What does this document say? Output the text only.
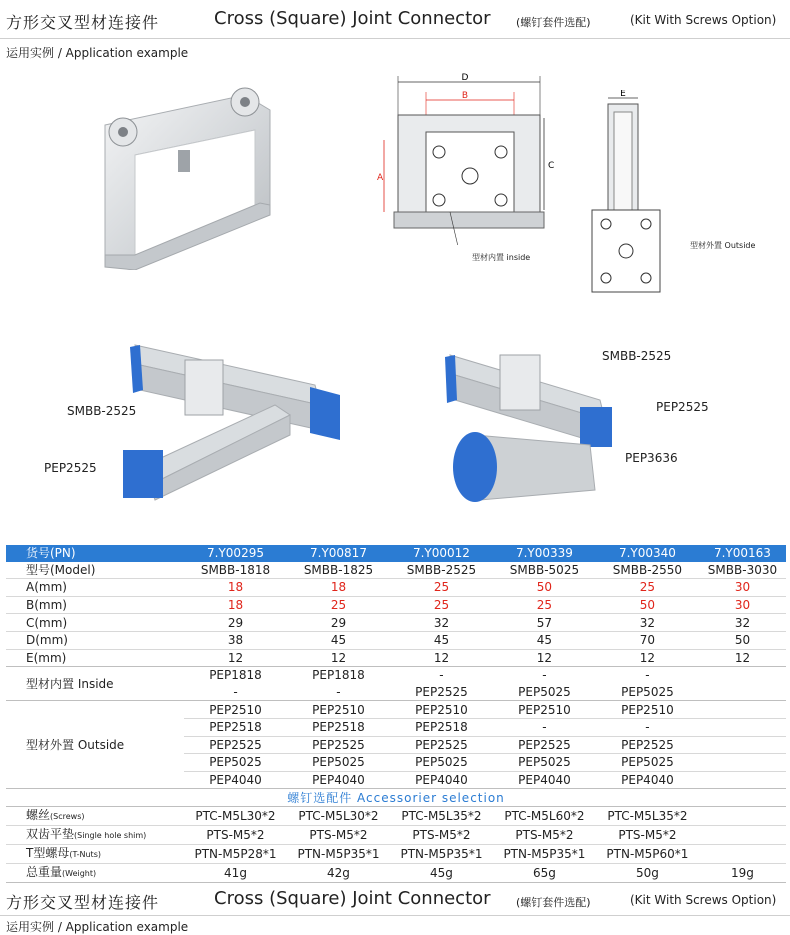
方形交叉型材连接件	Cross (Square) Joint Connector (螺钉套件选配)	(Kit With Screws Option)
运用实例 / Application example
D
B
A
C
型材内置 inside
E
型材外置 Outside
SMBB-2525
PEP2525
SMBB-2525
PEP2525
PEP3636
货号(PN)	7.Y00295	7.Y00817	7.Y00012	7.Y00339	7.Y00340	7.Y00163
型号(Model)	SMBB-1818	SMBB-1825	SMBB-2525	SMBB-5025	SMBB-2550	SMBB-3030
A(mm)	18	18	25	50	25	30
B(mm)	18	25	25	25	50	30
C(mm)	29	29	32	57	32	32
D(mm)	38	45	45	45	70	50
E(mm)	12	12	12	12	12	12
型材内置 Inside	PEP1818	PEP1818	-	-	-	
	-	-	PEP2525	PEP5025	PEP5025	
型材外置 Outside	PEP2510	PEP2510	PEP2510	PEP2510	PEP2510	
	PEP2518	PEP2518	PEP2518	-	-	
	PEP2525	PEP2525	PEP2525	PEP2525	PEP2525	
	PEP5025	PEP5025	PEP5025	PEP5025	PEP5025	
	PEP4040	PEP4040	PEP4040	PEP4040	PEP4040	
螺钉选配件 Accessorier selection						
螺丝(Screws)	PTC-M5L30*2	PTC-M5L30*2	PTC-M5L35*2	PTC-M5L60*2	PTC-M5L35*2	
双齿平垫(Single hole shim)	PTS-M5*2	PTS-M5*2	PTS-M5*2	PTS-M5*2	PTS-M5*2	
T型螺母(T-Nuts)	PTN-M5P28*1	PTN-M5P35*1	PTN-M5P35*1	PTN-M5P35*1	PTN-M5P60*1	
总重量(Weight)	41g	42g	45g	65g	50g	19g
方形交叉型材连接件	Cross (Square) Joint Connector (螺钉套件选配)	(Kit With Screws Option)
运用实例 / Application example
